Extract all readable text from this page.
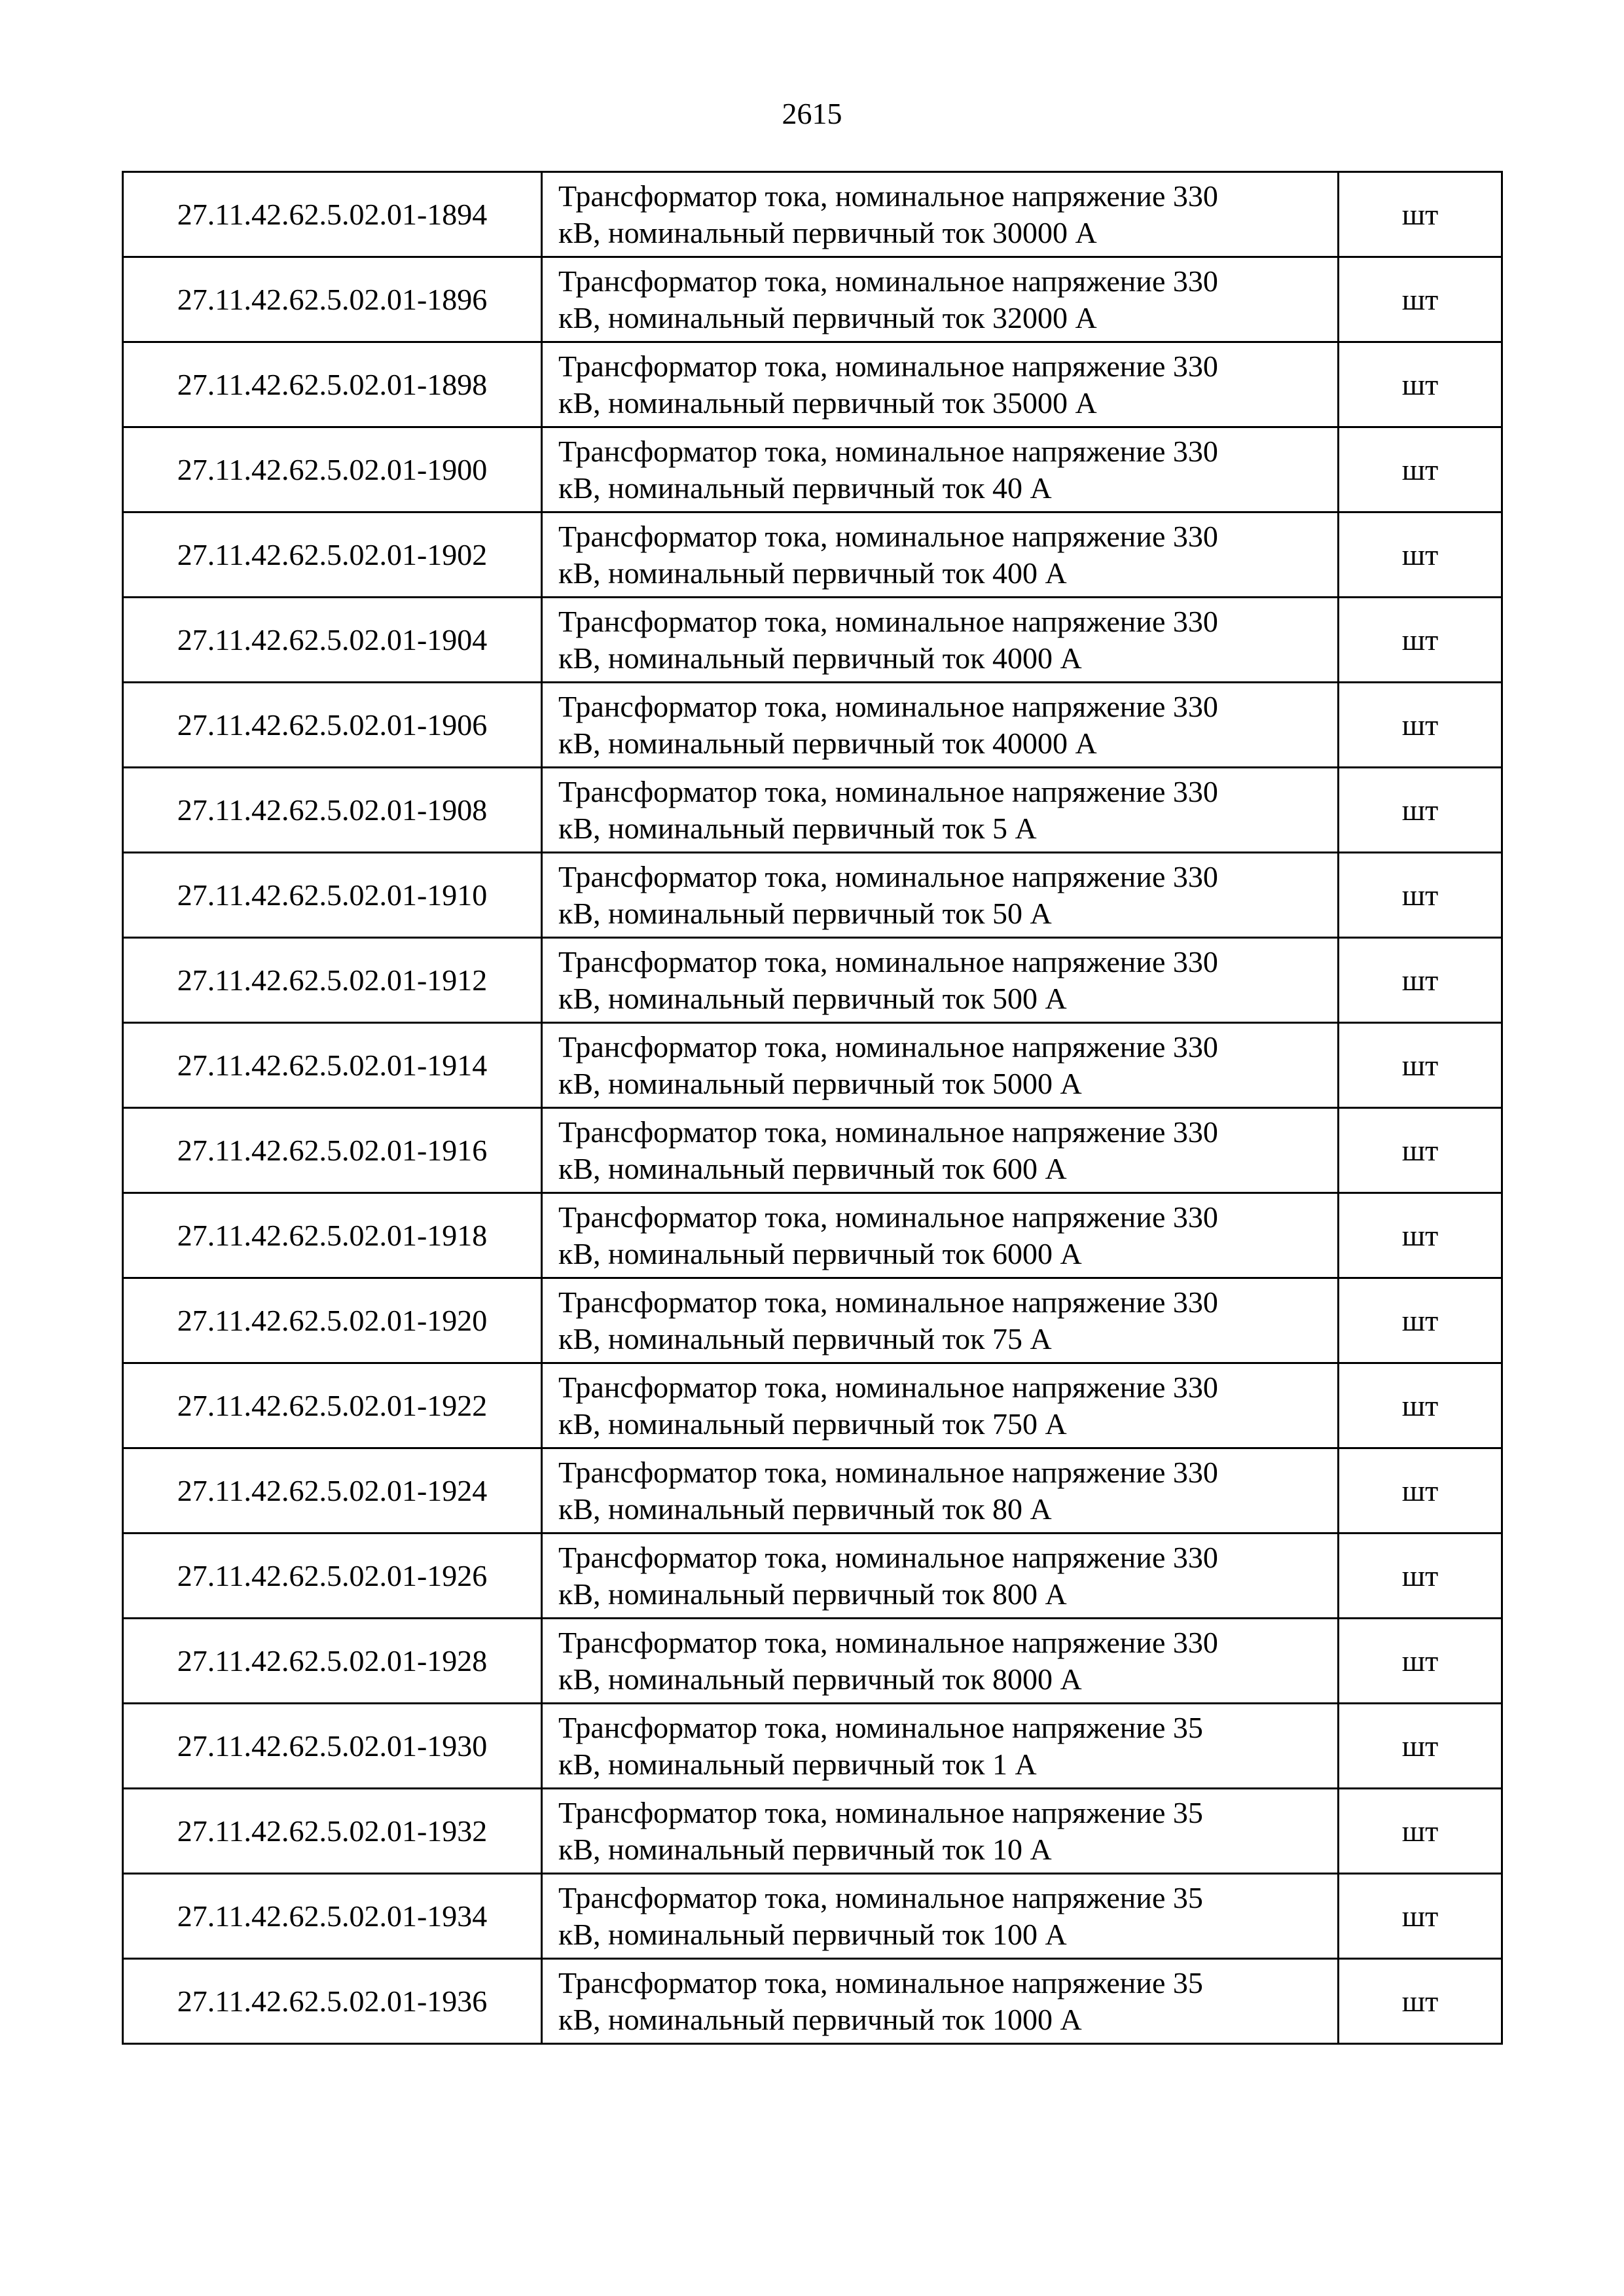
2615
27.11.42.62.5.02.01-1894	Трансформатор тока, номинальное напряжение 330
кВ, номинальный первичный ток 30000 А	шт
27.11.42.62.5.02.01-1896	Трансформатор тока, номинальное напряжение 330
кВ, номинальный первичный ток 32000 А	шт
27.11.42.62.5.02.01-1898	Трансформатор тока, номинальное напряжение 330
кВ, номинальный первичный ток 35000 А	шт
27.11.42.62.5.02.01-1900	Трансформатор тока, номинальное напряжение 330
кВ, номинальный первичный ток 40 А	шт
27.11.42.62.5.02.01-1902	Трансформатор тока, номинальное напряжение 330
кВ, номинальный первичный ток 400 А	шт
27.11.42.62.5.02.01-1904	Трансформатор тока, номинальное напряжение 330
кВ, номинальный первичный ток 4000 А	шт
27.11.42.62.5.02.01-1906	Трансформатор тока, номинальное напряжение 330
кВ, номинальный первичный ток 40000 А	шт
27.11.42.62.5.02.01-1908	Трансформатор тока, номинальное напряжение 330
кВ, номинальный первичный ток 5 А	шт
27.11.42.62.5.02.01-1910	Трансформатор тока, номинальное напряжение 330
кВ, номинальный первичный ток 50 А	шт
27.11.42.62.5.02.01-1912	Трансформатор тока, номинальное напряжение 330
кВ, номинальный первичный ток 500 А	шт
27.11.42.62.5.02.01-1914	Трансформатор тока, номинальное напряжение 330
кВ, номинальный первичный ток 5000 А	шт
27.11.42.62.5.02.01-1916	Трансформатор тока, номинальное напряжение 330
кВ, номинальный первичный ток 600 А	шт
27.11.42.62.5.02.01-1918	Трансформатор тока, номинальное напряжение 330
кВ, номинальный первичный ток 6000 А	шт
27.11.42.62.5.02.01-1920	Трансформатор тока, номинальное напряжение 330
кВ, номинальный первичный ток 75 А	шт
27.11.42.62.5.02.01-1922	Трансформатор тока, номинальное напряжение 330
кВ, номинальный первичный ток 750 А	шт
27.11.42.62.5.02.01-1924	Трансформатор тока, номинальное напряжение 330
кВ, номинальный первичный ток 80 А	шт
27.11.42.62.5.02.01-1926	Трансформатор тока, номинальное напряжение 330
кВ, номинальный первичный ток 800 А	шт
27.11.42.62.5.02.01-1928	Трансформатор тока, номинальное напряжение 330
кВ, номинальный первичный ток 8000 А	шт
27.11.42.62.5.02.01-1930	Трансформатор тока, номинальное напряжение 35
кВ, номинальный первичный ток 1 А	шт
27.11.42.62.5.02.01-1932	Трансформатор тока, номинальное напряжение 35
кВ, номинальный первичный ток 10 А	шт
27.11.42.62.5.02.01-1934	Трансформатор тока, номинальное напряжение 35
кВ, номинальный первичный ток 100 А	шт
27.11.42.62.5.02.01-1936	Трансформатор тока, номинальное напряжение 35
кВ, номинальный первичный ток 1000 А	шт
